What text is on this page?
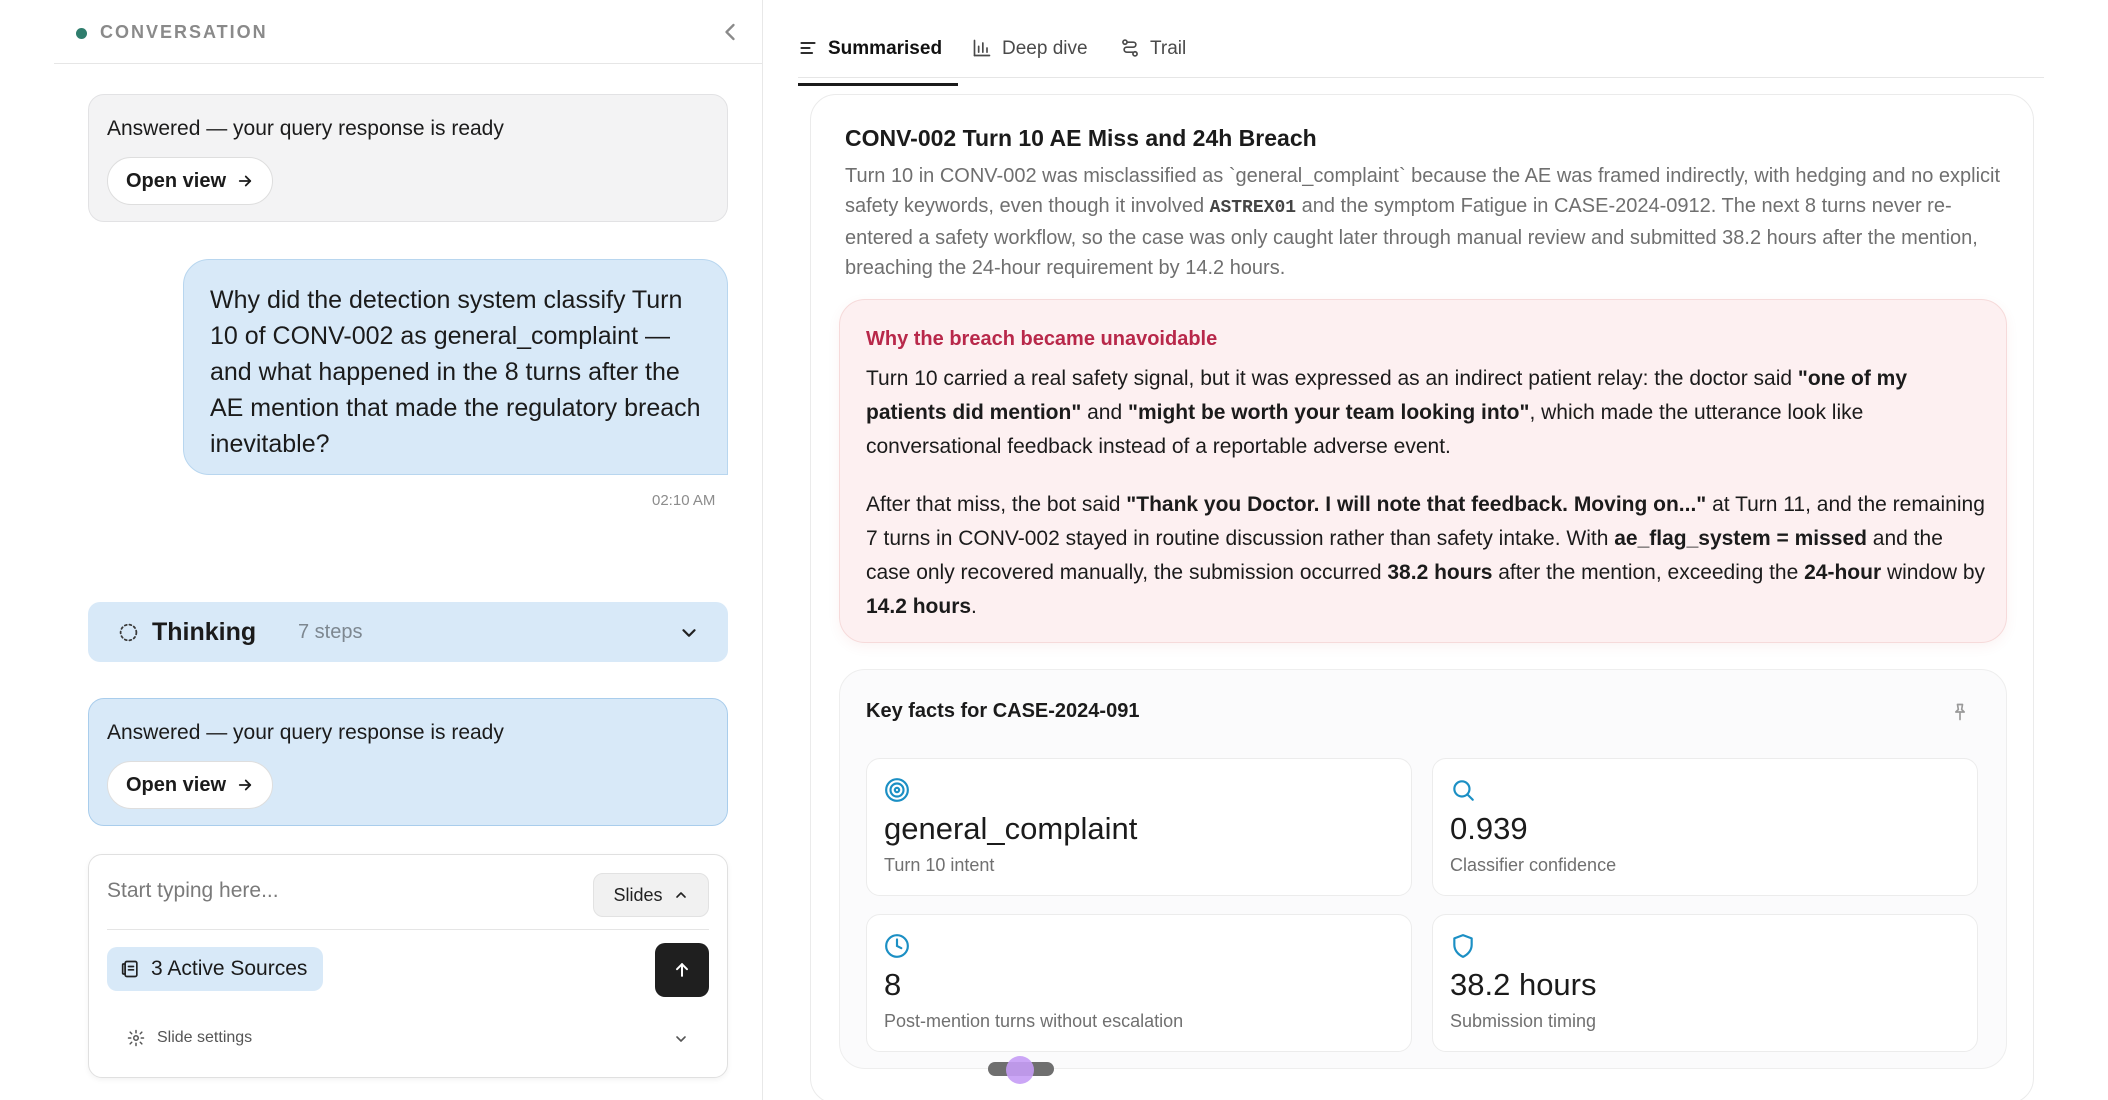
CONVERSATION
Answered — your query response is ready
Open view
Why did the detection system classify Turn 10 of CONV-002 as general_complaint — and what happened in the 8 turns after the AE mention that made the regulatory breach inevitable?
02:10 AM
Thinking 7 steps
Answered — your query response is ready
Open view
Start typing here...
Slides
3 Active Sources
Slide settings
Summarised	Deep dive	Trail
CONV-002 Turn 10 AE Miss and 24h Breach
Turn 10 in CONV-002 was misclassified as `general_complaint` because the AE was framed indirectly, with hedging and no explicit safety keywords, even though it involved ASTREX01 and the symptom Fatigue in CASE-2024-0912. The next 8 turns never re-entered a safety workflow, so the case was only caught later through manual review and submitted 38.2 hours after the mention, breaching the 24-hour requirement by 14.2 hours.
Why the breach became unavoidable
Turn 10 carried a real safety signal, but it was expressed as an indirect patient relay: the doctor said "one of my patients did mention" and "might be worth your team looking into", which made the utterance look like conversational feedback instead of a reportable adverse event.
After that miss, the bot said "Thank you Doctor. I will note that feedback. Moving on..." at Turn 11, and the remaining 7 turns in CONV-002 stayed in routine discussion rather than safety intake. With ae_flag_system = missed and the case only recovered manually, the submission occurred 38.2 hours after the mention, exceeding the 24-hour window by 14.2 hours.
Key facts for CASE-2024-091
general_complaint
Turn 10 intent
0.939
Classifier confidence
8
Post-mention turns without escalation
38.2 hours
Submission timing
